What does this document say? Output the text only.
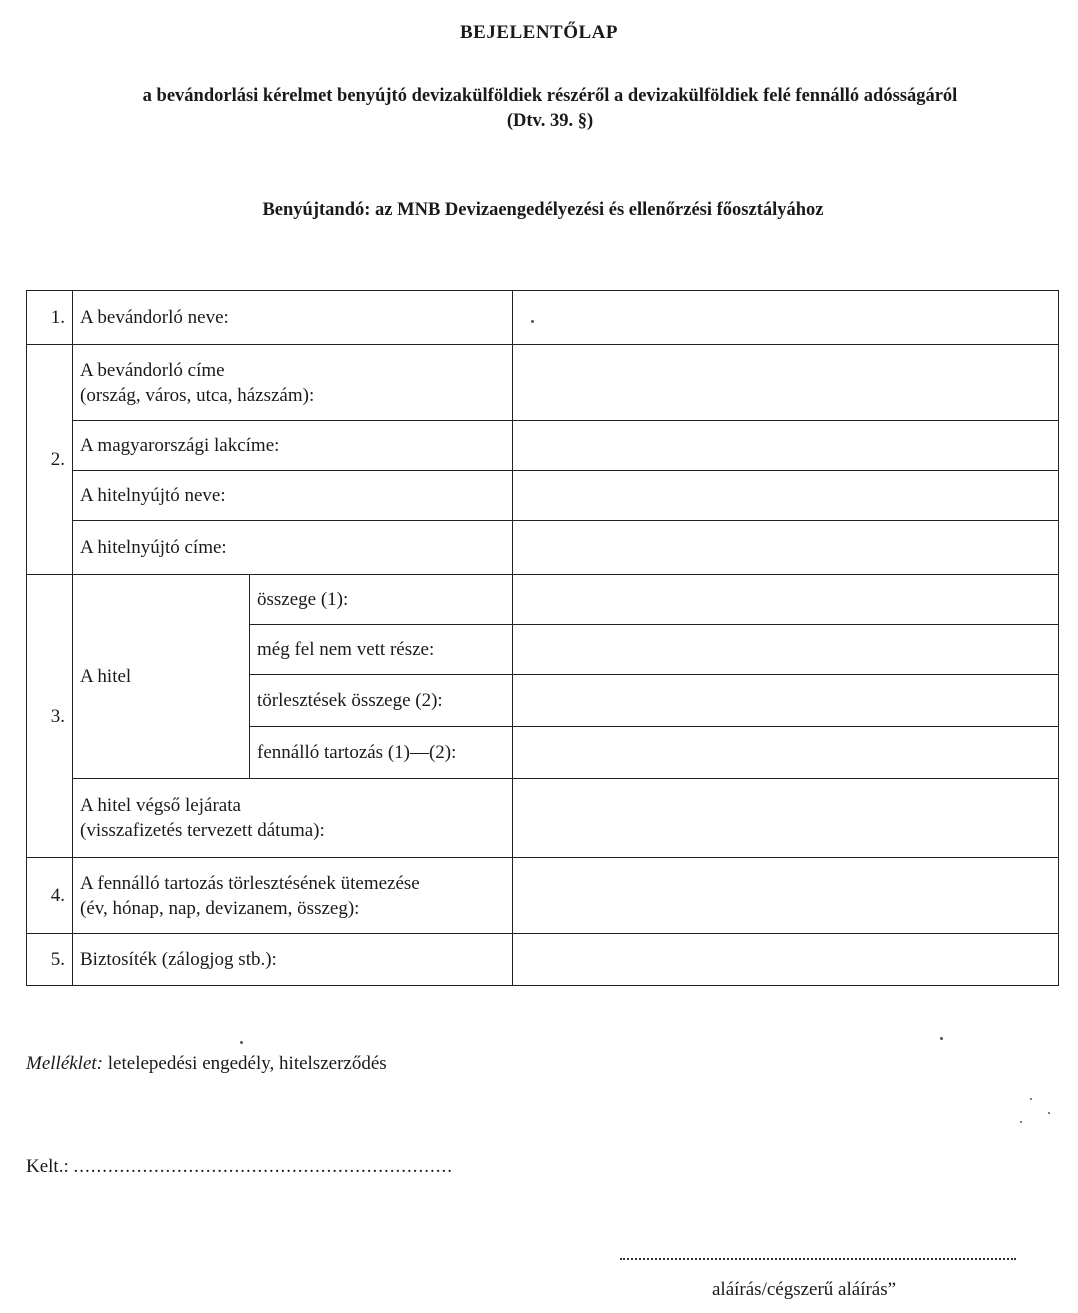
BEJELENTŐLAP
a bevándorlási kérelmet benyújtó devizakülföldiek részéről a devizakülföldiek felé fennálló adósságáról
(Dtv. 39. §)
Benyújtandó: az MNB Devizaengedélyezési és ellenőrzési főosztályához
1.	A bevándorló neve:		
2.	A bevándorló címe
(ország, város, utca, házszám):		

	A magyarországi lakcíme:		
	A hitelnyújtó neve:		
	A hitelnyújtó címe:		
3.	A hitel	összege (1):	
		még fel nem vett része:	
		törlesztések összege (2):	
		fennálló tartozás (1)—(2):	

	A hitel végső lejárata
(visszafizetés tervezett dátuma):		

4.	A fennálló tartozás törlesztésének ütemezése
(év, hónap, nap, devizanem, összeg):		

5.	Biztosíték (zálogjog stb.):		
Melléklet: letelepedési engedély, hitelszerződés
Kelt.: ..................................................................
aláírás/cégszerű aláírás”
